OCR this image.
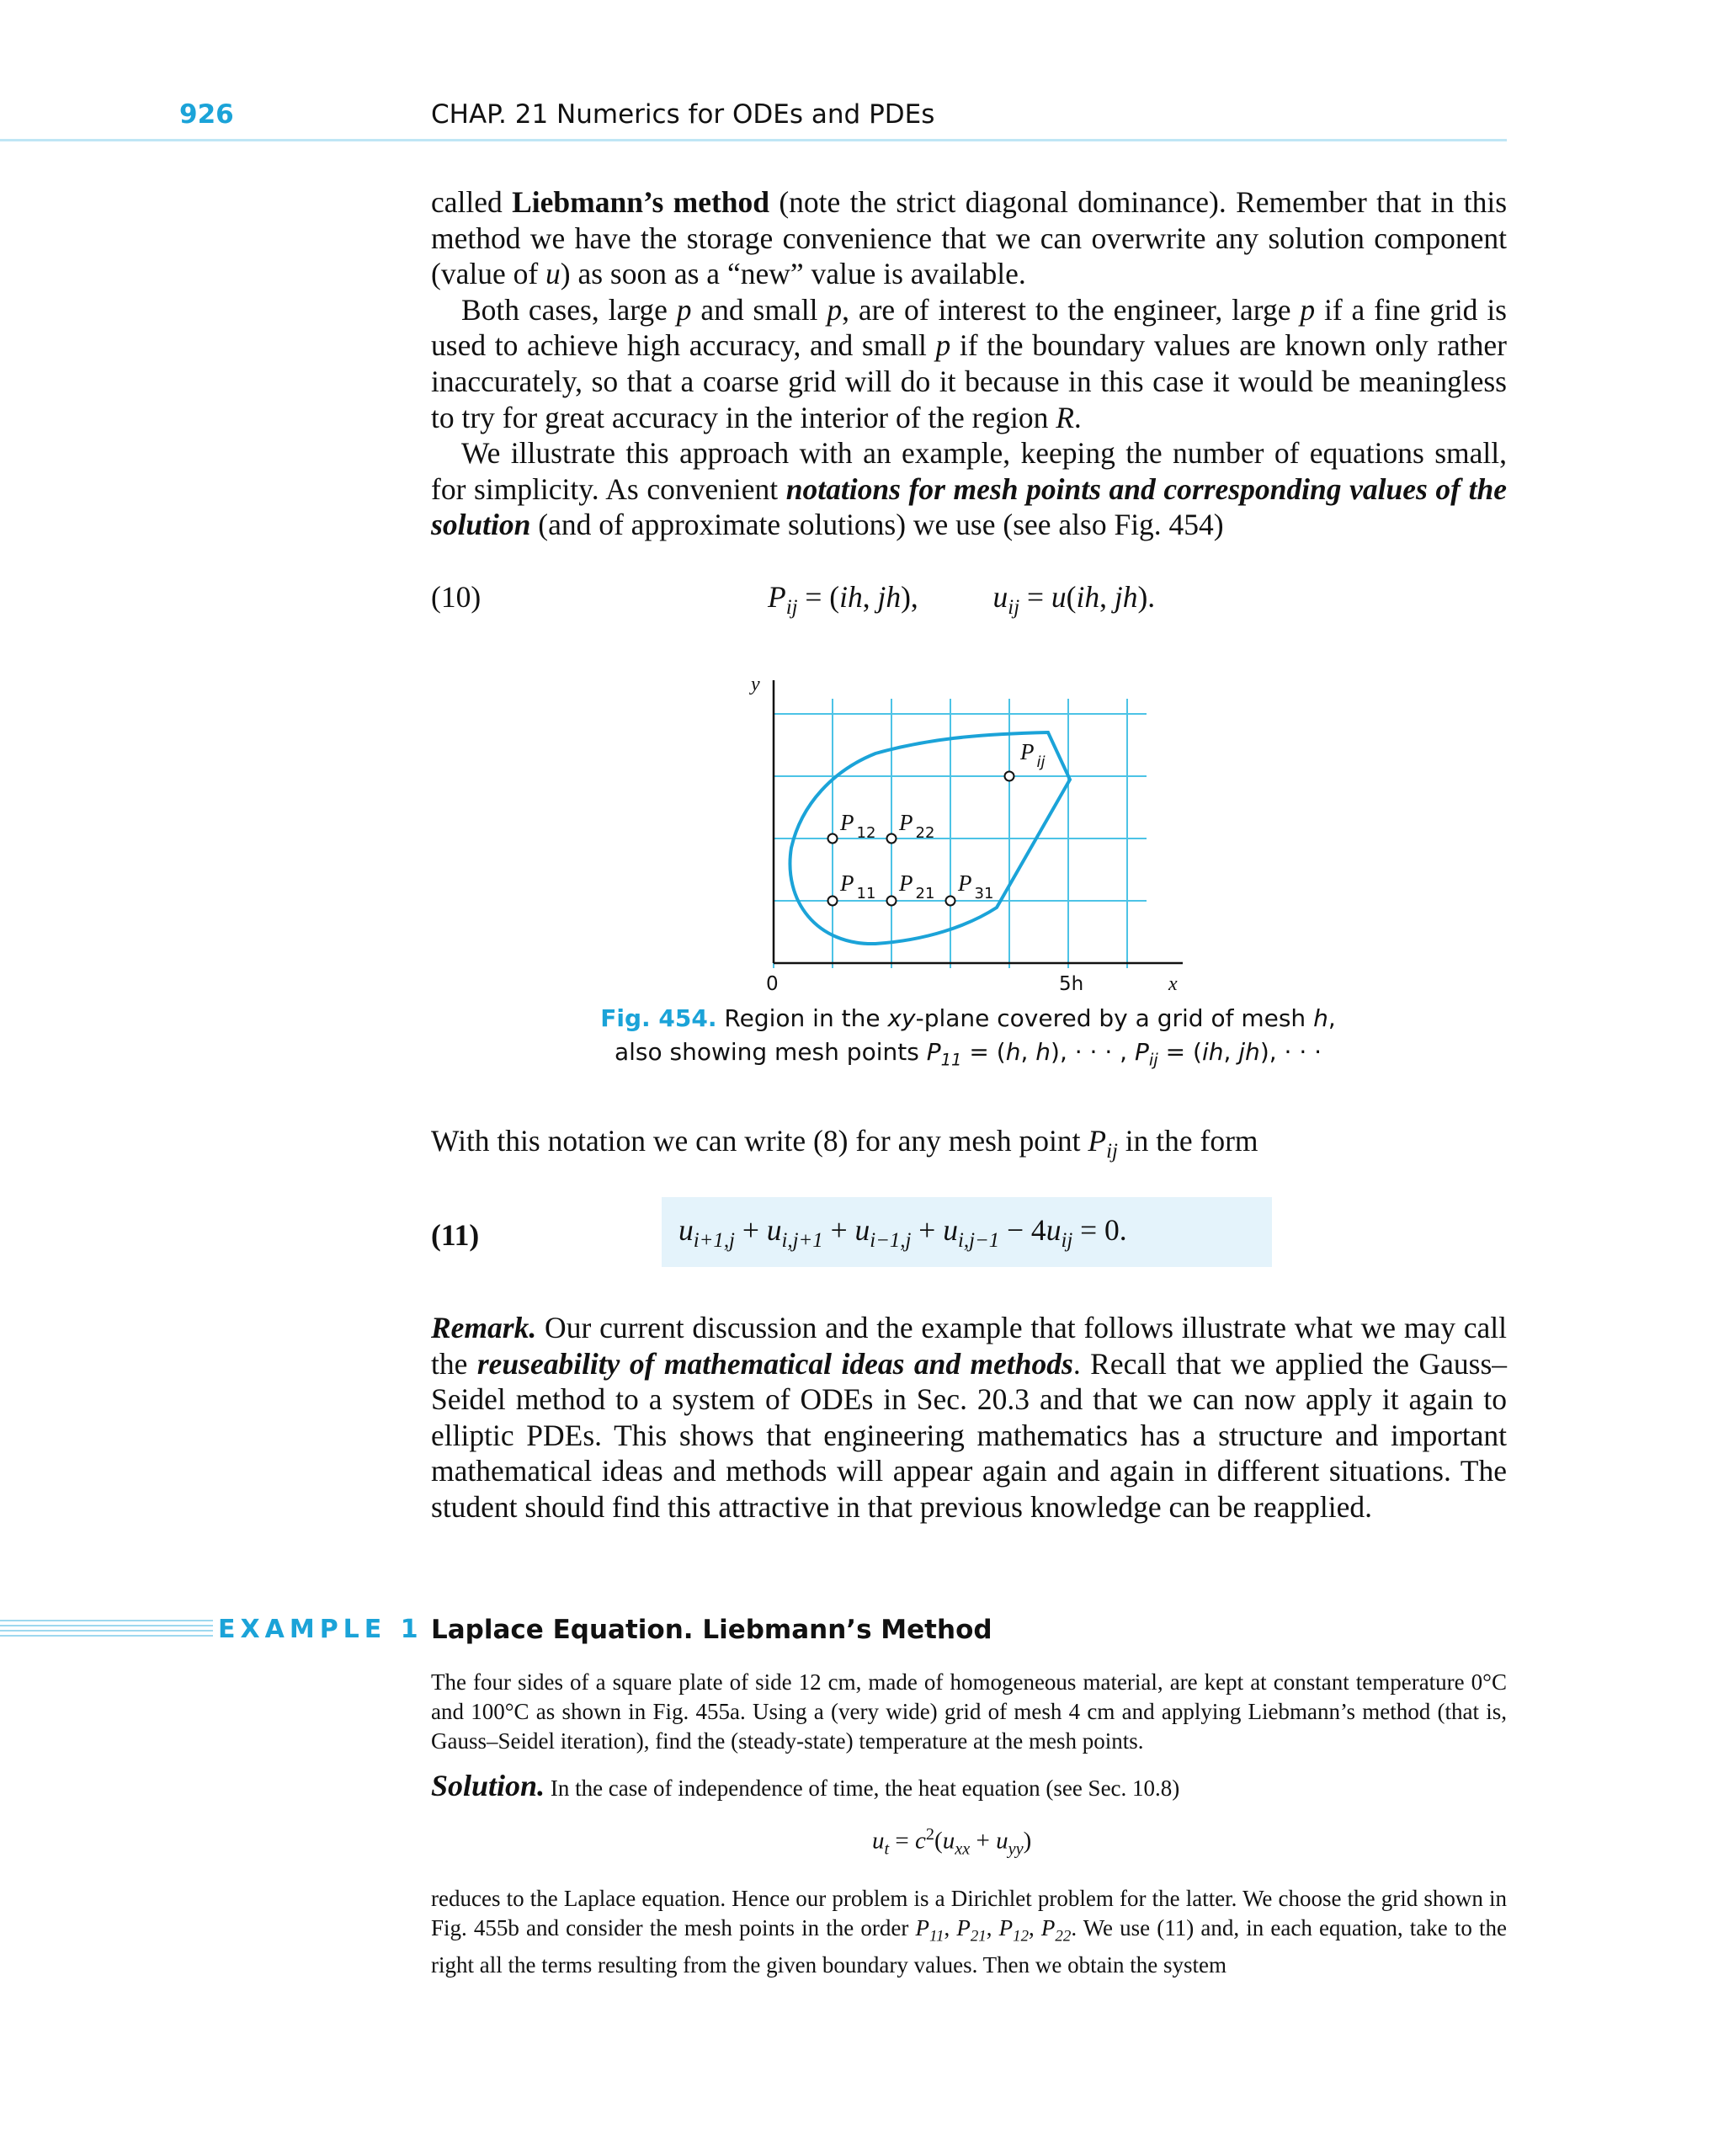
926	CHAP. 21 Numerics for ODEs and PDEs

called Liebmann’s method (note the strict diagonal dominance). Remember that in this method we have the storage convenience that we can overwrite any solution component (value of u) as soon as a “new” value is available.

Both cases, large p and small p, are of interest to the engineer, large p if a fine grid is used to achieve high accuracy, and small p if the boundary values are known only rather inaccurately, so that a coarse grid will do it because in this case it would be meaningless to try for great accuracy in the interior of the region R.

We illustrate this approach with an example, keeping the number of equations small, for simplicity. As convenient notations for mesh points and corresponding values of the solution (and of approximate solutions) we use (see also Fig. 454)

(10)	$P_{ij} = (ih$, jh),          $u_{ij} = u(ih$, jh).
P $_{12}$ P $_{22}$
P $_{11}$ P $_{21}$ P $_{31}$
P $_{ij}$
y
x
0	5h
Fig. 454. Region in the xy-plane covered by a grid of mesh h,
also showing mesh points $P_{11} = (h$, h), · · · , $P_{ij} = (ih$, jh), · · ·

With this notation we can write (8) for any mesh point $P_{ij}$ in the form

(11)	$u_{i+1,j} + u_{i,j+1} + u_{i-1,j} + u_{i,j-1} - 4u_{ij} = 0$.

Remark. Our current discussion and the example that follows illustrate what we may call the reuseability of mathematical ideas and methods. Recall that we applied the Gauss–Seidel method to a system of ODEs in Sec. 20.3 and that we can now apply it again to elliptic PDEs. This shows that engineering mathematics has a structure and important mathematical ideas and methods will appear again and again in different situations. The student should find this attractive in that previous knowledge can be reapplied.

EXAMPLE 1 Laplace Equation. Liebmann’s Method

The four sides of a square plate of side 12 cm, made of homogeneous material, are kept at constant temperature 0°C and 100°C as shown in Fig. 455a. Using a (very wide) grid of mesh 4 cm and applying Liebmann’s method (that is, Gauss–Seidel iteration), find the (steady-state) temperature at the mesh points.

Solution. In the case of independence of time, the heat equation (see Sec. 10.8)

$u_t = c^2(u_{xx} + u_{yy})$

reduces to the Laplace equation. Hence our problem is a Dirichlet problem for the latter. We choose the grid shown in Fig. 455b and consider the mesh points in the order $P_{11}$, $P_{21}$, $P_{12}$, $P_{22}$. We use (11) and, in each equation, take to the right all the terms resulting from the given boundary values. Then we obtain the system
